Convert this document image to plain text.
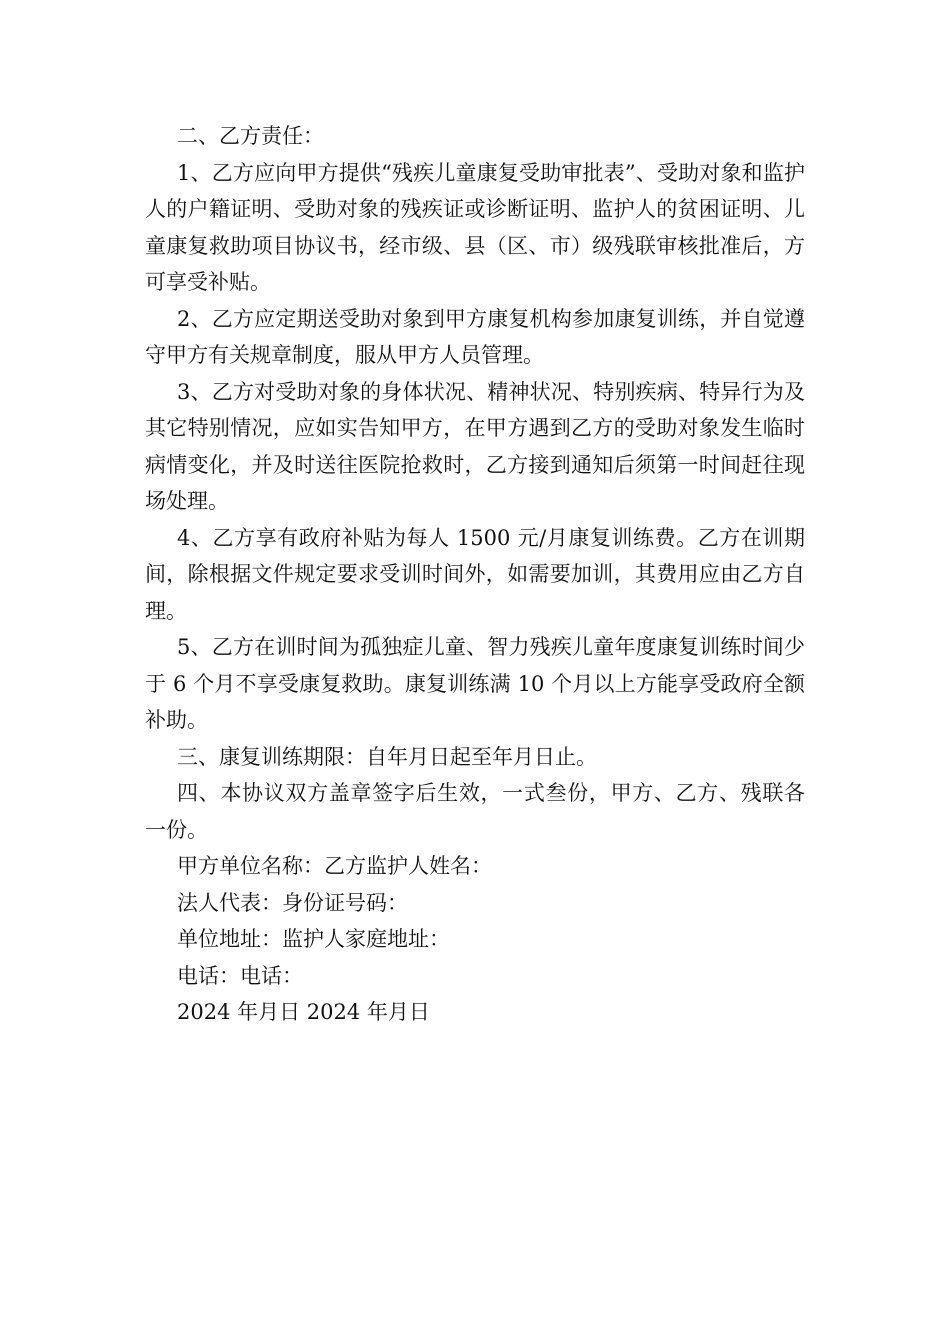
二、乙方责任：

1、乙方应向甲方提供“残疾儿童康复受助审批表”、受助对象和监护人的户籍证明、受助对象的残疾证或诊断证明、监护人的贫困证明、儿童康复救助项目协议书，经市级、县（区、市）级残联审核批准后，方可享受补贴。

2、乙方应定期送受助对象到甲方康复机构参加康复训练，并自觉遵守甲方有关规章制度，服从甲方人员管理。

3、乙方对受助对象的身体状况、精神状况、特别疾病、特异行为及其它特别情况，应如实告知甲方，在甲方遇到乙方的受助对象发生临时病情变化，并及时送往医院抢救时，乙方接到通知后须第一时间赶往现场处理。

4、乙方享有政府补贴为每人 1500 元/月康复训练费。乙方在训期间，除根据文件规定要求受训时间外，如需要加训，其费用应由乙方自理。

5、乙方在训时间为孤独症儿童、智力残疾儿童年度康复训练时间少于 6 个月不享受康复救助。康复训练满 10 个月以上方能享受政府全额补助。

三、康复训练期限：自年月日起至年月日止。

四、本协议双方盖章签字后生效，一式叁份，甲方、乙方、残联各一份。

甲方单位名称：乙方监护人姓名：

法人代表：身份证号码：

单位地址：监护人家庭地址：

电话：电话：

2024 年月日 2024 年月日
